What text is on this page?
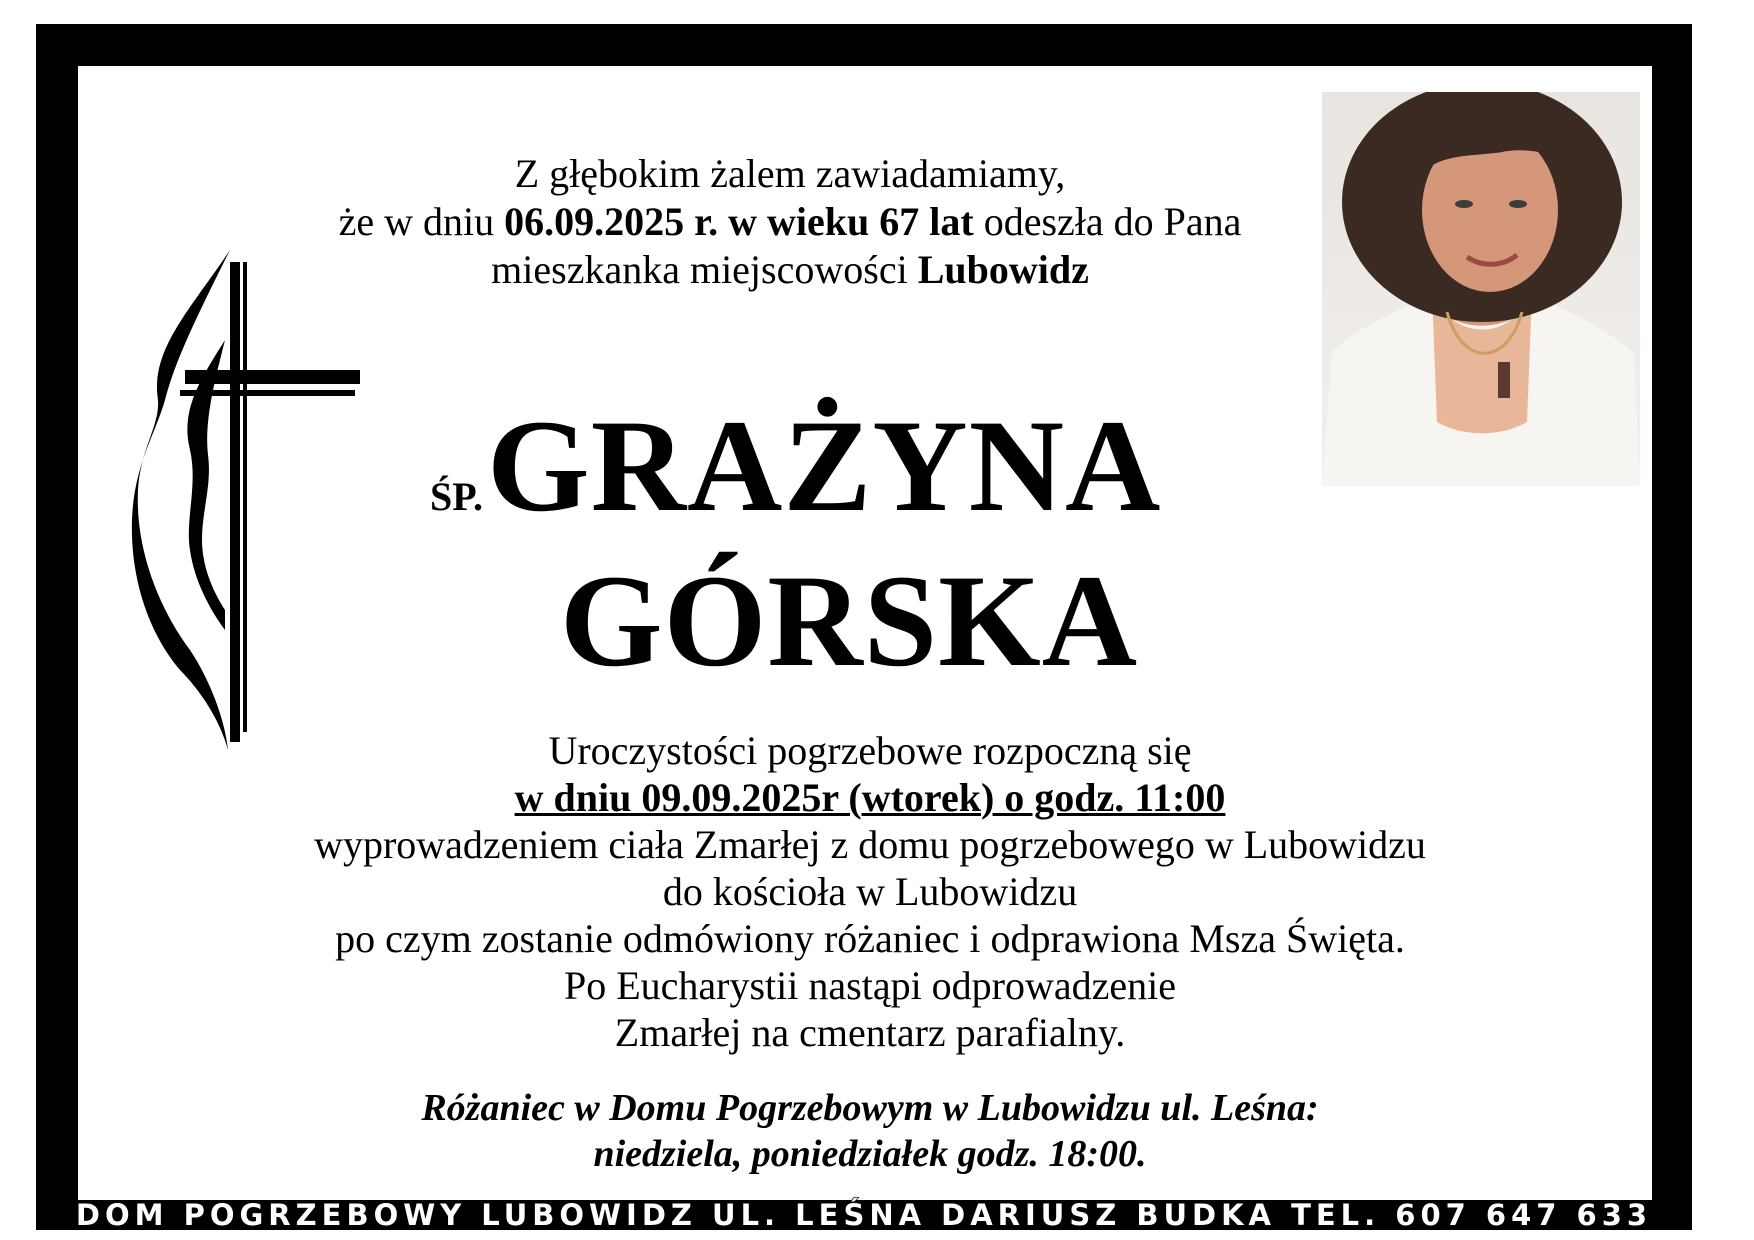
Z głębokim żalem zawiadamiamy,
że w dniu 06.09.2025 r. w wieku 67 lat odeszła do Pana
mieszkanka miejscowości Lubowidz
ŚP. GRAŻYNA
GÓRSKA
Uroczystości pogrzebowe rozpoczną się
w dniu 09.09.2025r (wtorek) o godz. 11:00
wyprowadzeniem ciała Zmarłej z domu pogrzebowego w Lubowidzu
do kościoła w Lubowidzu
po czym zostanie odmówiony różaniec i odprawiona Msza Święta.
Po Eucharystii nastąpi odprowadzenie
Zmarłej na cmentarz parafialny.
Różaniec w Domu Pogrzebowym w Lubowidzu ul. Leśna:
niedziela, poniedziałek godz. 18:00.
DOM POGRZEBOWY LUBOWIDZ UL. LEŚNA DARIUSZ BUDKA TEL. 607 647 633
